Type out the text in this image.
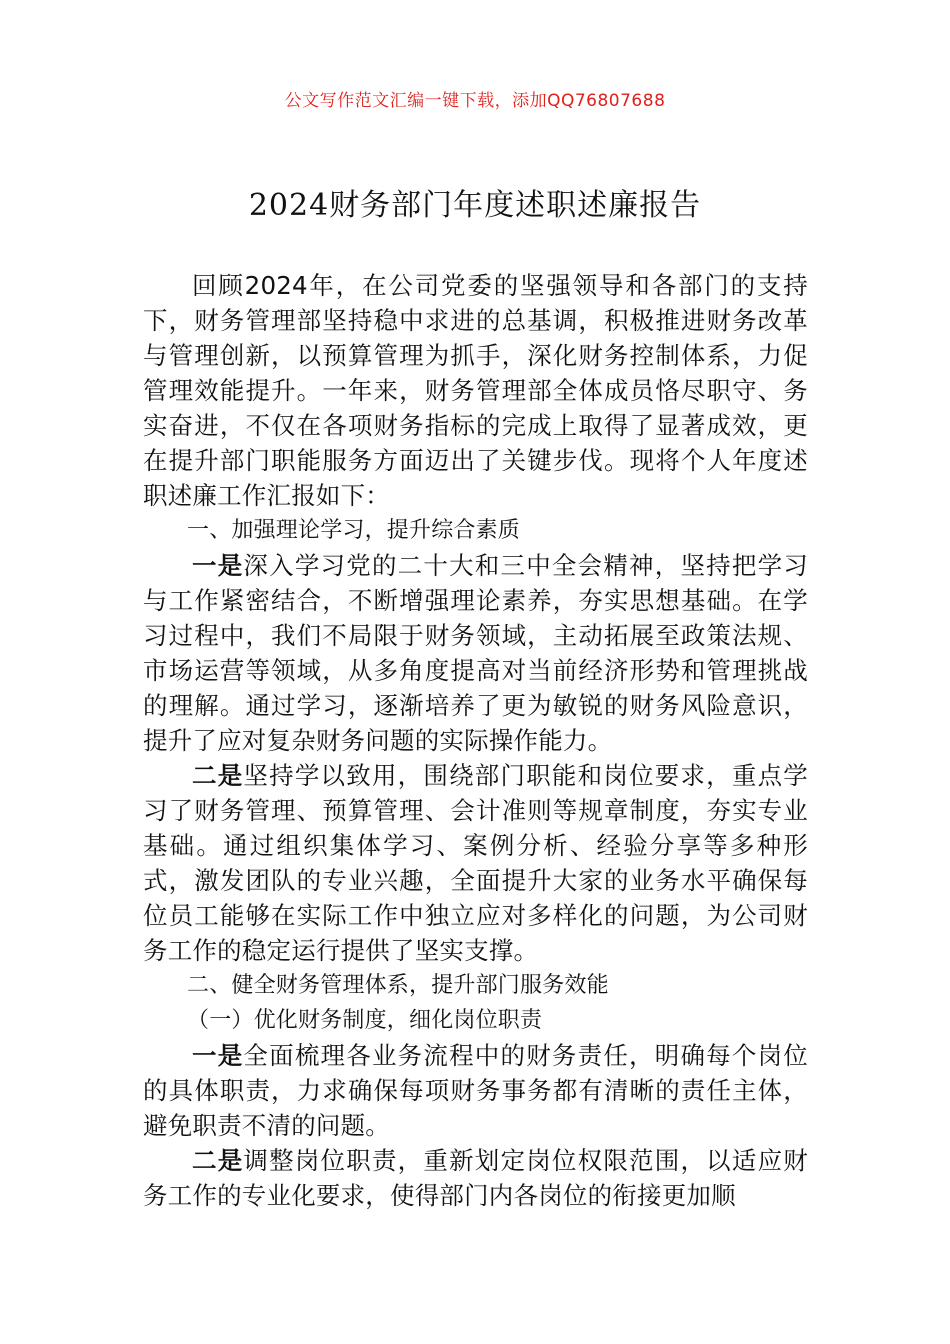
公文写作范文汇编一键下载，添加QQ76807688
2024财务部门年度述职述廉报告

回顾2024年，在公司党委的坚强领导和各部门的支持下，财务管理部坚持稳中求进的总基调，积极推进财务改革与管理创新，以预算管理为抓手，深化财务控制体系，力促管理效能提升。一年来，财务管理部全体成员恪尽职守、务实奋进，不仅在各项财务指标的完成上取得了显著成效，更在提升部门职能服务方面迈出了关键步伐。现将个人年度述职述廉工作汇报如下：

一、加强理论学习，提升综合素质

一是深入学习党的二十大和三中全会精神，坚持把学习与工作紧密结合，不断增强理论素养，夯实思想基础。在学习过程中，我们不局限于财务领域，主动拓展至政策法规、市场运营等领域，从多角度提高对当前经济形势和管理挑战的理解。通过学习，逐渐培养了更为敏锐的财务风险意识，提升了应对复杂财务问题的实际操作能力。

二是坚持学以致用，围绕部门职能和岗位要求，重点学习了财务管理、预算管理、会计准则等规章制度，夯实专业基础。通过组织集体学习、案例分析、经验分享等多种形式，激发团队的专业兴趣，全面提升大家的业务水平确保每位员工能够在实际工作中独立应对多样化的问题，为公司财务工作的稳定运行提供了坚实支撑。

二、健全财务管理体系，提升部门服务效能

（一）优化财务制度，细化岗位职责

一是全面梳理各业务流程中的财务责任，明确每个岗位的具体职责，力求确保每项财务事务都有清晰的责任主体，避免职责不清的问题。

二是调整岗位职责，重新划定岗位权限范围，以适应财务工作的专业化要求，使得部门内各岗位的衔接更加顺
